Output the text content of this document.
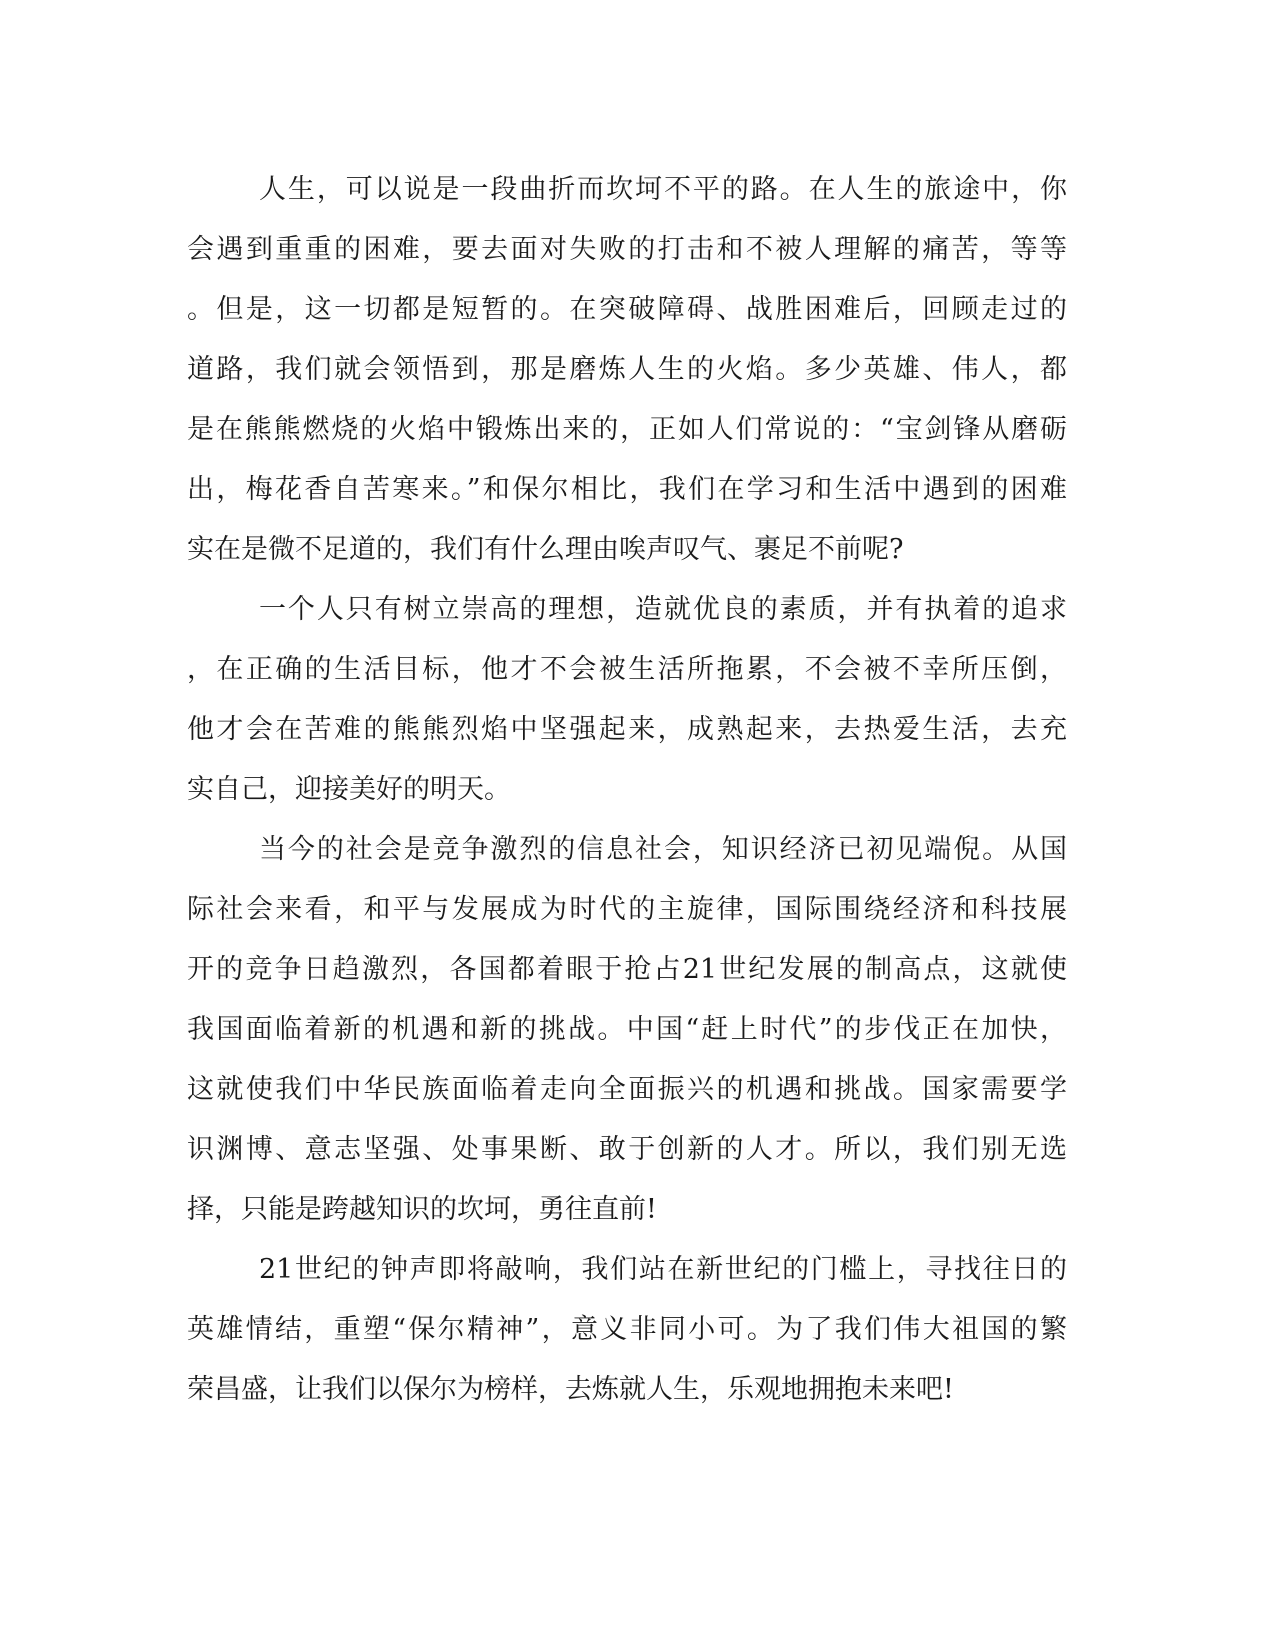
人生，可以说是一段曲折而坎坷不平的路。在人生的旅途中，你
会遇到重重的困难，要去面对失败的打击和不被人理解的痛苦，等等
。但是，这一切都是短暂的。在突破障碍、战胜困难后，回顾走过的
道路，我们就会领悟到，那是磨炼人生的火焰。多少英雄、伟人，都
是在熊熊燃烧的火焰中锻炼出来的，正如人们常说的：“宝剑锋从磨砺
出，梅花香自苦寒来。”和保尔相比，我们在学习和生活中遇到的困难
实在是微不足道的，我们有什么理由唉声叹气、裹足不前呢?
一个人只有树立崇高的理想，造就优良的素质，并有执着的追求
，在正确的生活目标，他才不会被生活所拖累，不会被不幸所压倒，
他才会在苦难的熊熊烈焰中坚强起来，成熟起来，去热爱生活，去充
实自己，迎接美好的明天。
当今的社会是竞争激烈的信息社会，知识经济已初见端倪。从国
际社会来看，和平与发展成为时代的主旋律，国际围绕经济和科技展
开的竞争日趋激烈，各国都着眼于抢占21世纪发展的制高点，这就使
我国面临着新的机遇和新的挑战。中国“赶上时代”的步伐正在加快，
这就使我们中华民族面临着走向全面振兴的机遇和挑战。国家需要学
识渊博、意志坚强、处事果断、敢于创新的人才。所以，我们别无选
择，只能是跨越知识的坎坷，勇往直前!
21世纪的钟声即将敲响，我们站在新世纪的门槛上，寻找往日的
英雄情结，重塑“保尔精神”，意义非同小可。为了我们伟大祖国的繁
荣昌盛，让我们以保尔为榜样，去炼就人生，乐观地拥抱未来吧!
